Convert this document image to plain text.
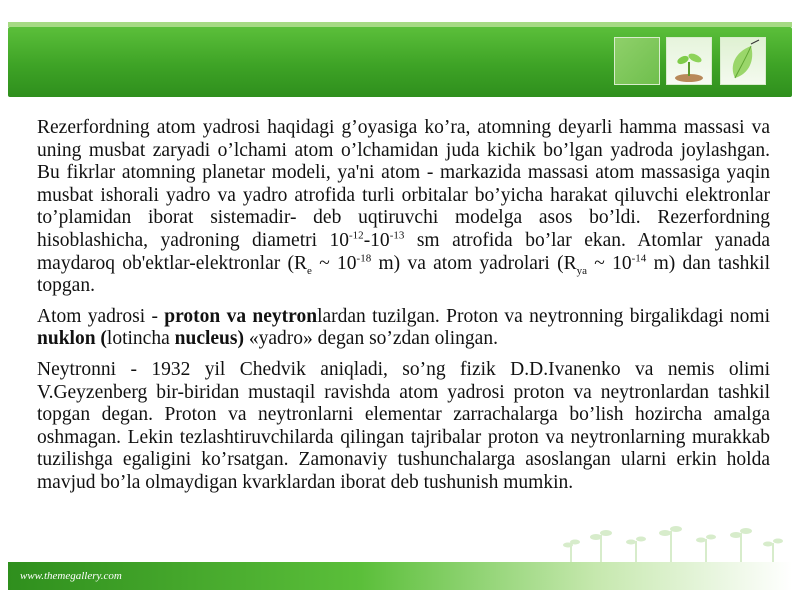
Rezerfordning atom yadrosi haqidagi g’oyasiga ko’ra, atomning deyarli hamma massasi va uning musbat zaryadi o’lchami atom o’lchamidan juda kichik bo’lgan yadroda joylashgan. Bu fikrlar atomning planetar modeli, ya'ni atom - markazida massasi atom massasiga yaqin musbat ishorali yadro va yadro atrofida turli orbitalar bo’yicha harakat qiluvchi elektronlar to’plamidan iborat sistemadir- deb uqtiruvchi modelga asos bo’ldi. Rezerfordning hisoblashicha, yadroning diametri $10^{-12}-10^{-13}$ sm atrofida bo’lar ekan. Atomlar yanada maydaroq ob'ektlar-elektronlar ($R_e$ ~ $10^{-18}$ m) va atom yadrolari ($R_{ya}$ ~ $10^{-14}$ m) dan tashkil topgan.

Atom yadrosi - proton va neytronlardan tuzilgan. Proton va neytronning birgalikdagi nomi nuklon (lotincha nucleus) «yadro» degan so’zdan olingan.

Neytronni - 1932 yil Chedvik aniqladi, so’ng fizik D.D.Ivanenko va nemis olimi V.Geyzenberg bir-biridan mustaqil ravishda atom yadrosi proton va neytronlardan tashkil topgan degan. Proton va neytronlarni elementar zarrachalarga bo’lish hozircha amalga oshmagan. Lekin tezlashtiruvchilarda qilingan tajribalar proton va neytronlarning murakkab tuzilishga egaligini ko’rsatgan. Zamonaviy tushunchalarga asoslangan ularni erkin holda mavjud bo’la olmaydigan kvarklardan iborat deb tushunish mumkin.

www.themegallery.com
